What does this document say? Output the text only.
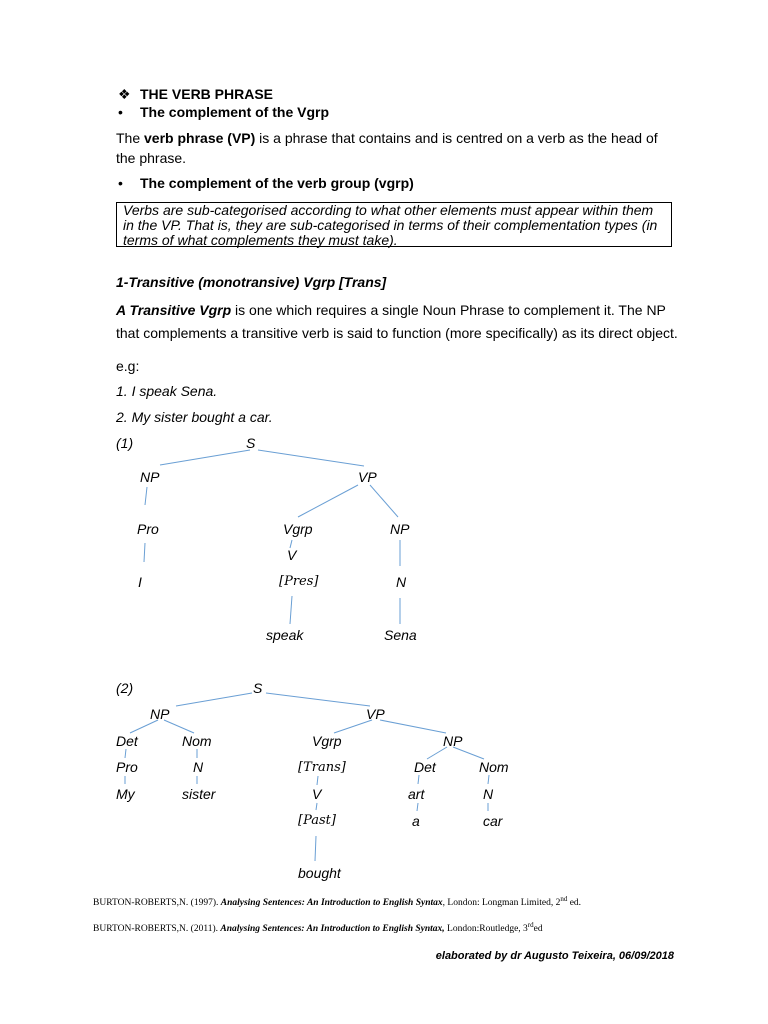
❖ THE VERB PHRASE
• The complement of the Vgrp
The verb phrase (VP) is a phrase that contains and is centred on a verb as the head of the phrase.
• The complement of the verb group (vgrp)
Verbs are sub-categorised according to what other elements must appear within them in the VP. That is, they are sub-categorised in terms of their complementation types (in terms of what complements they must take).
1-Transitive (monotransive) Vgrp [Trans]
A Transitive Vgrp is one which requires a single Noun Phrase to complement it. The NP
that complements a transitive verb is said to function (more specifically) as its direct object.
e.g:
1. I speak Sena.
2. My sister bought a car.
(1)	S
NP	VP
Pro	Vgrp	NP
V
[Pres]	N
I
speak	Sena
(2)	S
NP	VP
Det	Nom	Vgrp	NP
Pro	N	[Trans]	Det	Nom
My	sister	V	art	N
[Past]	a	car
bought
BURTON-ROBERTS,N. (1997). Analysing Sentences: An Introduction to English Syntax, London: Longman Limited, 2nd ed.
BURTON-ROBERTS,N. (2011). Analysing Sentences: An Introduction to English Syntax, London:Routledge, 3rded
elaborated by dr Augusto Teixeira, 06/09/2018
